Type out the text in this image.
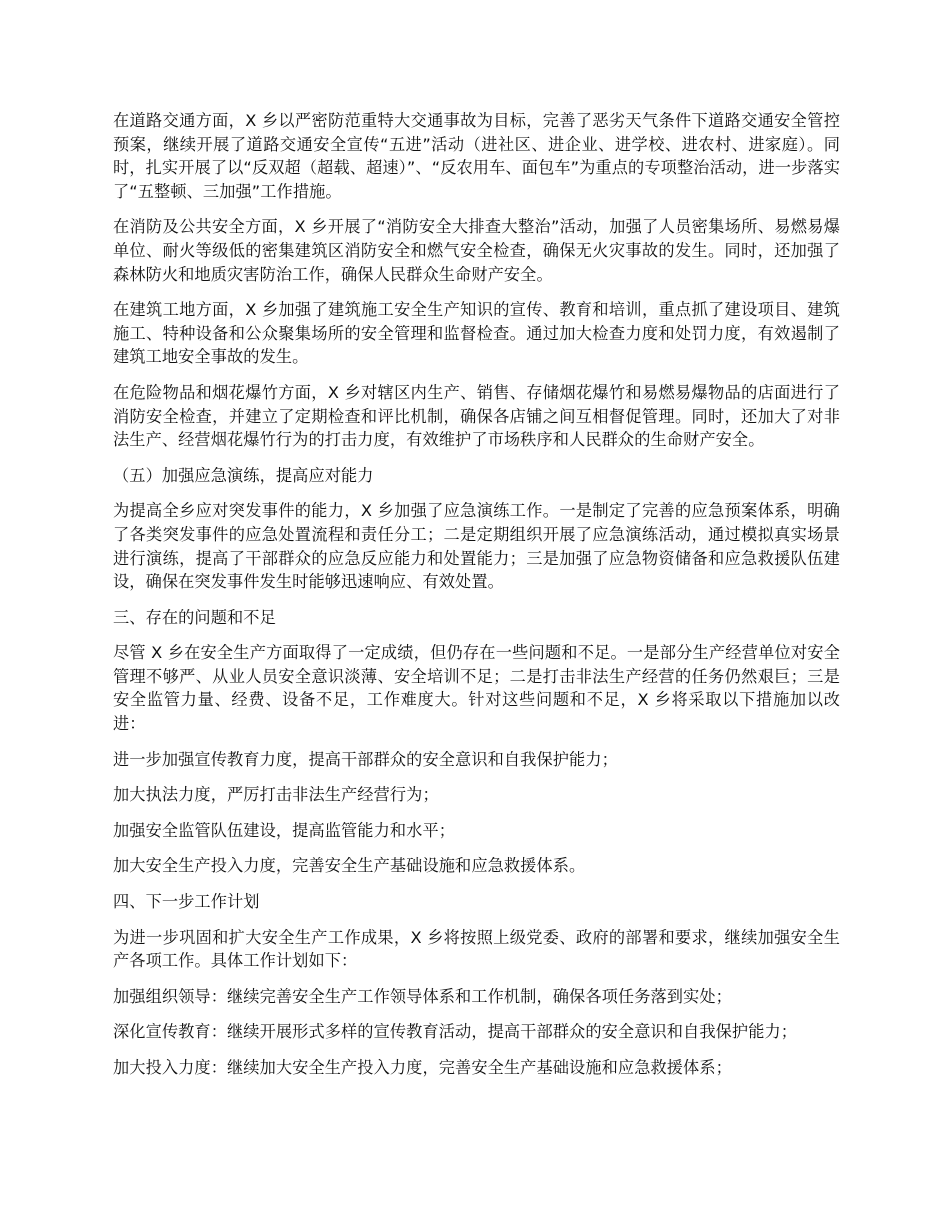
在道路交通方面，X 乡以严密防范重特大交通事故为目标，完善了恶劣天气条件下道路交通安全管控预案，继续开展了道路交通安全宣传“五进”活动（进社区、进企业、进学校、进农村、进家庭）。同时，扎实开展了以“反双超（超载、超速）”、“反农用车、面包车”为重点的专项整治活动，进一步落实了“五整顿、三加强”工作措施。

在消防及公共安全方面，X 乡开展了“消防安全大排查大整治”活动，加强了人员密集场所、易燃易爆单位、耐火等级低的密集建筑区消防安全和燃气安全检查，确保无火灾事故的发生。同时，还加强了森林防火和地质灾害防治工作，确保人民群众生命财产安全。

在建筑工地方面，X 乡加强了建筑施工安全生产知识的宣传、教育和培训，重点抓了建设项目、建筑施工、特种设备和公众聚集场所的安全管理和监督检查。通过加大检查力度和处罚力度，有效遏制了建筑工地安全事故的发生。

在危险物品和烟花爆竹方面，X 乡对辖区内生产、销售、存储烟花爆竹和易燃易爆物品的店面进行了消防安全检查，并建立了定期检查和评比机制，确保各店铺之间互相督促管理。同时，还加大了对非法生产、经营烟花爆竹行为的打击力度，有效维护了市场秩序和人民群众的生命财产安全。

（五）加强应急演练，提高应对能力

为提高全乡应对突发事件的能力，X 乡加强了应急演练工作。一是制定了完善的应急预案体系，明确了各类突发事件的应急处置流程和责任分工；二是定期组织开展了应急演练活动，通过模拟真实场景进行演练，提高了干部群众的应急反应能力和处置能力；三是加强了应急物资储备和应急救援队伍建设，确保在突发事件发生时能够迅速响应、有效处置。

三、存在的问题和不足

尽管 X 乡在安全生产方面取得了一定成绩，但仍存在一些问题和不足。一是部分生产经营单位对安全管理不够严、从业人员安全意识淡薄、安全培训不足；二是打击非法生产经营的任务仍然艰巨；三是安全监管力量、经费、设备不足，工作难度大。针对这些问题和不足，X 乡将采取以下措施加以改进：

进一步加强宣传教育力度，提高干部群众的安全意识和自我保护能力；

加大执法力度，严厉打击非法生产经营行为；

加强安全监管队伍建设，提高监管能力和水平；

加大安全生产投入力度，完善安全生产基础设施和应急救援体系。

四、下一步工作计划

为进一步巩固和扩大安全生产工作成果，X 乡将按照上级党委、政府的部署和要求，继续加强安全生产各项工作。具体工作计划如下：

加强组织领导：继续完善安全生产工作领导体系和工作机制，确保各项任务落到实处；

深化宣传教育：继续开展形式多样的宣传教育活动，提高干部群众的安全意识和自我保护能力；

加大投入力度：继续加大安全生产投入力度，完善安全生产基础设施和应急救援体系；
